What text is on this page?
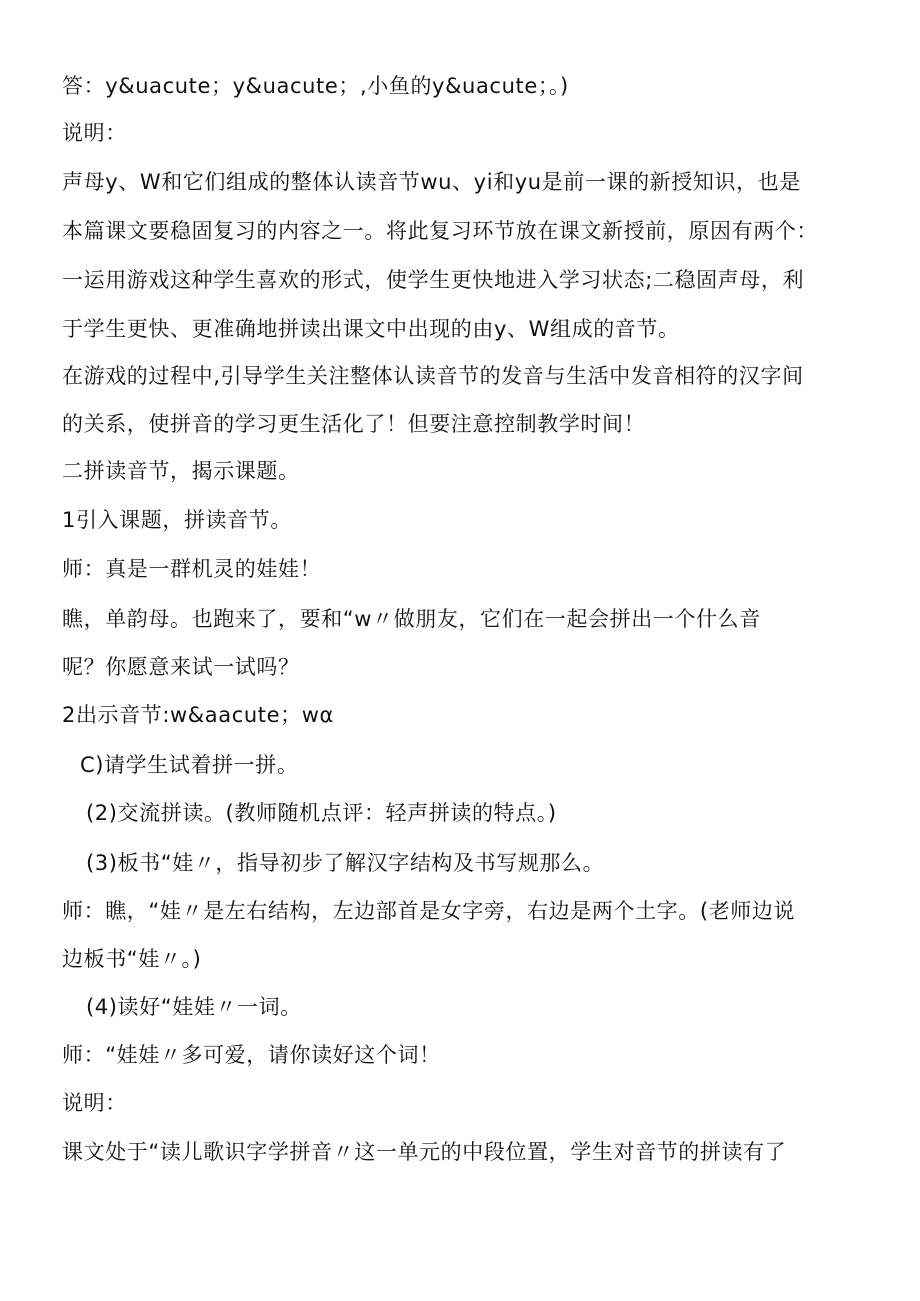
答：y&uacute；y&uacute；,小鱼的y&uacute；。)
说明：
声母y、W和它们组成的整体认读音节wu、yi和yu是前一课的新授知识，也是
本篇课文要稳固复习的内容之一。将此复习环节放在课文新授前，原因有两个：
一运用游戏这种学生喜欢的形式，使学生更快地进入学习状态;二稳固声母，利
于学生更快、更准确地拼读出课文中出现的由y、W组成的音节。
在游戏的过程中,引导学生关注整体认读音节的发音与生活中发音相符的汉字间
的关系，使拼音的学习更生活化了！但要注意控制教学时间！
二拼读音节，揭示课题。
1引入课题，拼读音节。
师：真是一群机灵的娃娃！
瞧，单韵母。也跑来了，要和“w〃做朋友，它们在一起会拼出一个什么音
呢？你愿意来试一试吗？
2出示音节:w&aacute；wα
C)请学生试着拼一拼。
(2)交流拼读。(教师随机点评：轻声拼读的特点。)
(3)板书“娃〃，指导初步了解汉字结构及书写规那么。
师：瞧，“娃〃是左右结构，左边部首是女字旁，右边是两个土字。(老师边说
边板书“娃〃。)
(4)读好“娃娃〃一词。
师：“娃娃〃多可爱，请你读好这个词！
说明：
课文处于“读儿歌识字学拼音〃这一单元的中段位置，学生对音节的拼读有了
